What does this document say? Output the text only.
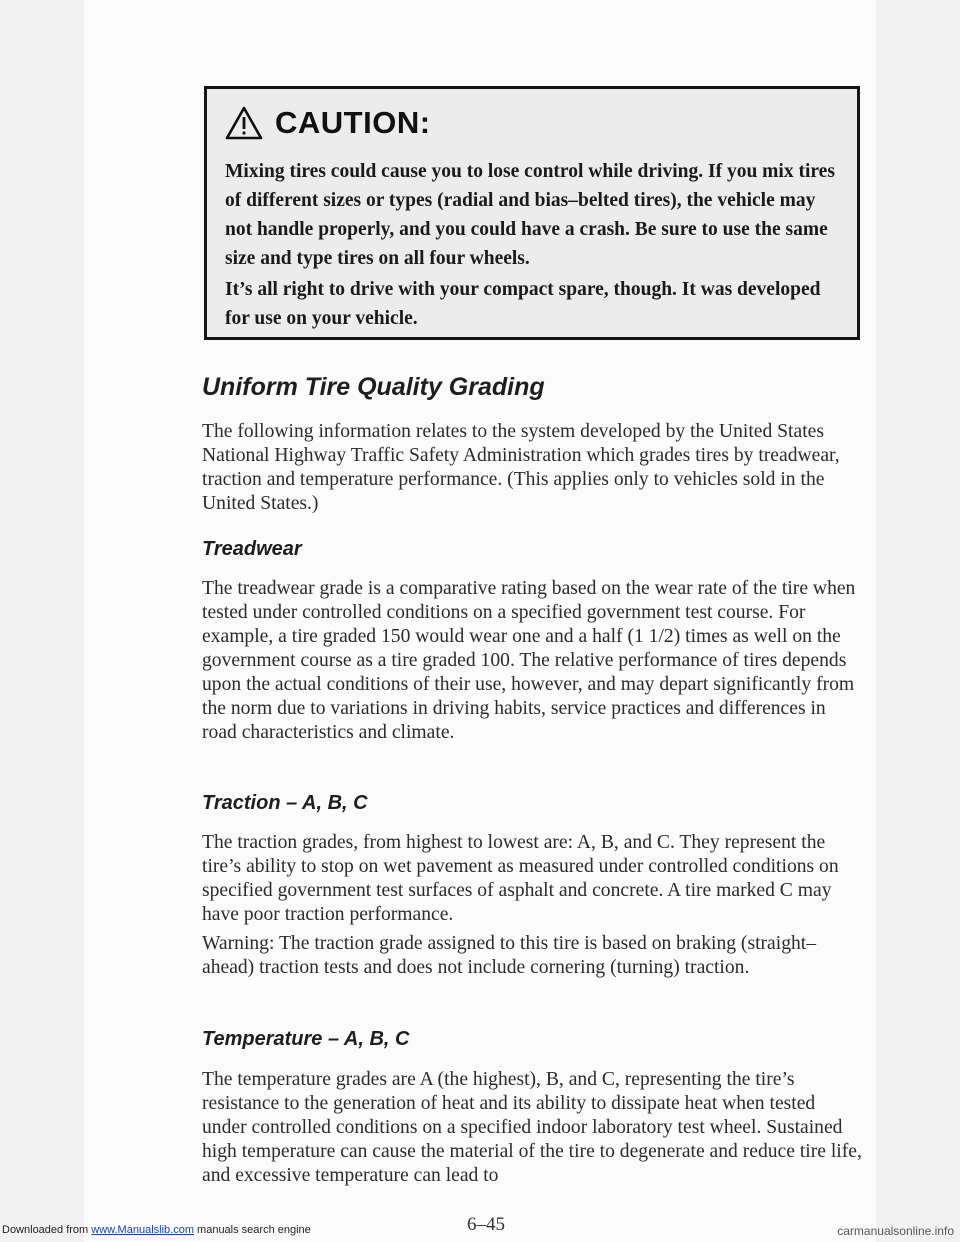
CAUTION:

Mixing tires could cause you to lose control while driving. If you mix tires of different sizes or types (radial and bias–belted tires), the vehicle may not handle properly, and you could have a crash. Be sure to use the same size and type tires on all four wheels.

It’s all right to drive with your compact spare, though. It was developed for use on your vehicle.

Uniform Tire Quality Grading

The following information relates to the system developed by the United States National Highway Traffic Safety Administration which grades tires by treadwear, traction and temperature performance. (This applies only to vehicles sold in the United States.)

Treadwear

The treadwear grade is a comparative rating based on the wear rate of the tire when tested under controlled conditions on a specified government test course. For example, a tire graded 150 would wear one and a half (1 1/2) times as well on the government course as a tire graded 100. The relative performance of tires depends upon the actual conditions of their use, however, and may depart significantly from the norm due to variations in driving habits, service practices and differences in road characteristics and climate.

Traction – A, B, C

The traction grades, from highest to lowest are: A, B, and C. They represent the tire’s ability to stop on wet pavement as measured under controlled conditions on specified government test surfaces of asphalt and concrete. A tire marked C may have poor traction performance.

Warning: The traction grade assigned to this tire is based on braking (straight–ahead) traction tests and does not include cornering (turning) traction.

Temperature – A, B, C

The temperature grades are A (the highest), B, and C, representing the tire’s resistance to the generation of heat and its ability to dissipate heat when tested under controlled conditions on a specified indoor laboratory test wheel. Sustained high temperature can cause the material of the tire to degenerate and reduce tire life, and excessive temperature can lead to

Downloaded from www.Manualslib.com manuals search engine	6–45	carmanualsonline.info
